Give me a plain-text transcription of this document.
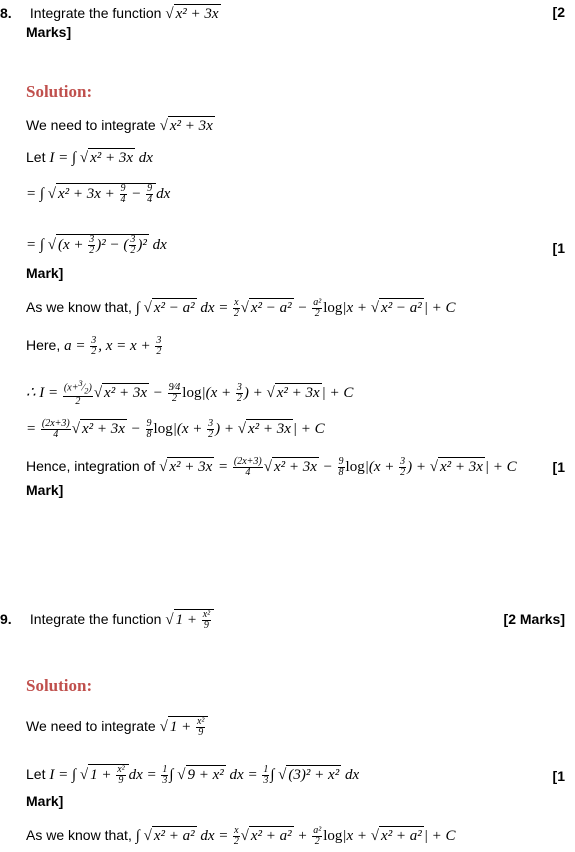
8. Integrate the function √ x² + 3x	[2
Marks]
Solution:
We need to integrate √ x² + 3x
Let I = ∫ √ x² + 3x dx
= ∫ √ $x^2 + 3x + \frac{9}{4} - \frac{9}{4}$ dx
= ∫ √ $(x + \frac{3}{2} )^2$ − ( $\frac{3}{2} )^2$ dx	[1
Mark]
As we know that, ∫ √ x² − a² dx = $\frac{x}{2}$ √ $x^2 - a^2 - \frac{\text{a²}}{2} \log|x$ + √ x² − a² | + C
Here, $a = \frac{3}{2}$ , $x = x + \frac{3}{2}$
∴ $I = \frac{(x+^3⁄_2)}{2}$ √ $x^2 + 3x - \frac{9⁄4}{2} \log|(x + \frac{3}{2}$ ) + √ x² + 3x | + C
= $\frac{(2x+3)}{4}$ √ $x^2 + 3x - \frac{9}{8} \log|(x + \frac{3}{2}$ ) + √ x² + 3x | + C
Hence, integration of √ $x^2 + 3x = \frac{(2x+3)}{4}$ √ $x^2 + 3x - \frac{9}{8} \log|(x + \frac{3}{2}$ ) + √ x² + 3x | + C	[1
Mark]
9. Integrate the function √ $1 + \frac{\text{x²}}{9}$	[2 Marks]
Solution:
We need to integrate √ $1 + \frac{\text{x²}}{9}$
Let I = ∫ √ $1 + \frac{\text{x²}}{9}$ dx = $\frac{1}{3}$ ∫ √ 9 + x² dx = $\frac{1}{3}$ ∫ √ (3)² + x² dx	[1
Mark]
As we know that, ∫ √ x² + a² dx = $\frac{x}{2}$ √ $x^2 + a^2 + \frac{\text{a²}}{2} \log|x$ + √ x² + a² | + C
